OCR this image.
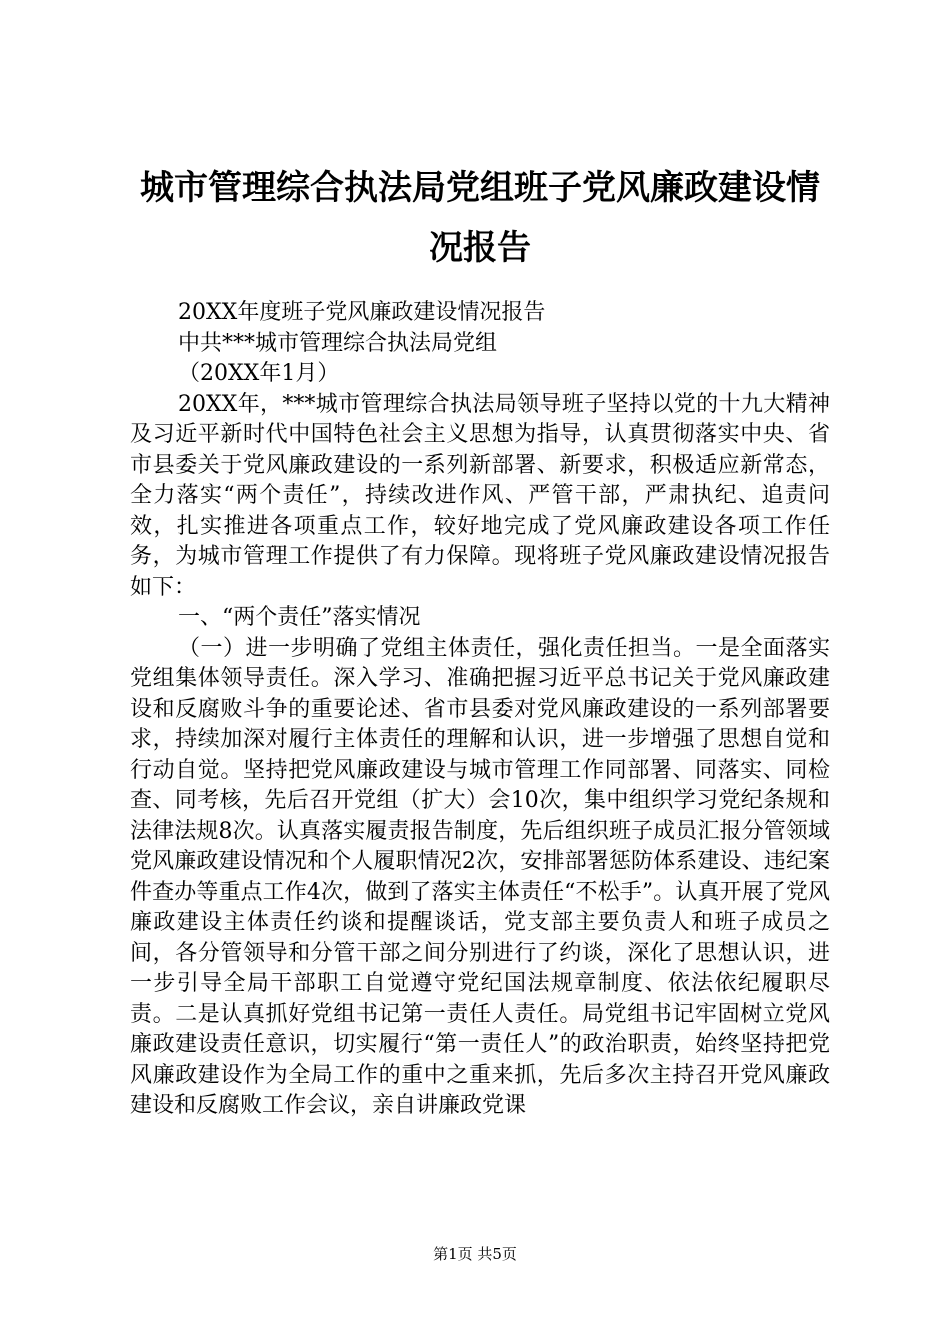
城市管理综合执法局党组班子党风廉政建设情况报告

20XX年度班子党风廉政建设情况报告

中共***城市管理综合执法局党组

（20XX年1月）

20XX年，***城市管理综合执法局领导班子坚持以党的十九大精神及习近平新时代中国特色社会主义思想为指导，认真贯彻落实中央、省市县委关于党风廉政建设的一系列新部署、新要求，积极适应新常态，全力落实“两个责任”，持续改进作风、严管干部，严肃执纪、追责问效，扎实推进各项重点工作，较好地完成了党风廉政建设各项工作任务，为城市管理工作提供了有力保障。现将班子党风廉政建设情况报告如下：

一、“两个责任”落实情况

（一）进一步明确了党组主体责任，强化责任担当。一是全面落实党组集体领导责任。深入学习、准确把握习近平总书记关于党风廉政建设和反腐败斗争的重要论述、省市县委对党风廉政建设的一系列部署要求，持续加深对履行主体责任的理解和认识，进一步增强了思想自觉和行动自觉。坚持把党风廉政建设与城市管理工作同部署、同落实、同检查、同考核，先后召开党组（扩大）会10次，集中组织学习党纪条规和法律法规8次。认真落实履责报告制度，先后组织班子成员汇报分管领域党风廉政建设情况和个人履职情况2次，安排部署惩防体系建设、违纪案件查办等重点工作4次，做到了落实主体责任“不松手”。认真开展了党风廉政建设主体责任约谈和提醒谈话，党支部主要负责人和班子成员之间，各分管领导和分管干部之间分别进行了约谈，深化了思想认识，进一步引导全局干部职工自觉遵守党纪国法规章制度、依法依纪履职尽责。二是认真抓好党组书记第一责任人责任。局党组书记牢固树立党风廉政建设责任意识，切实履行“第一责任人”的政治职责，始终坚持把党风廉政建设作为全局工作的重中之重来抓，先后多次主持召开党风廉政建设和反腐败工作会议，亲自讲廉政党课

第1页 共5页
